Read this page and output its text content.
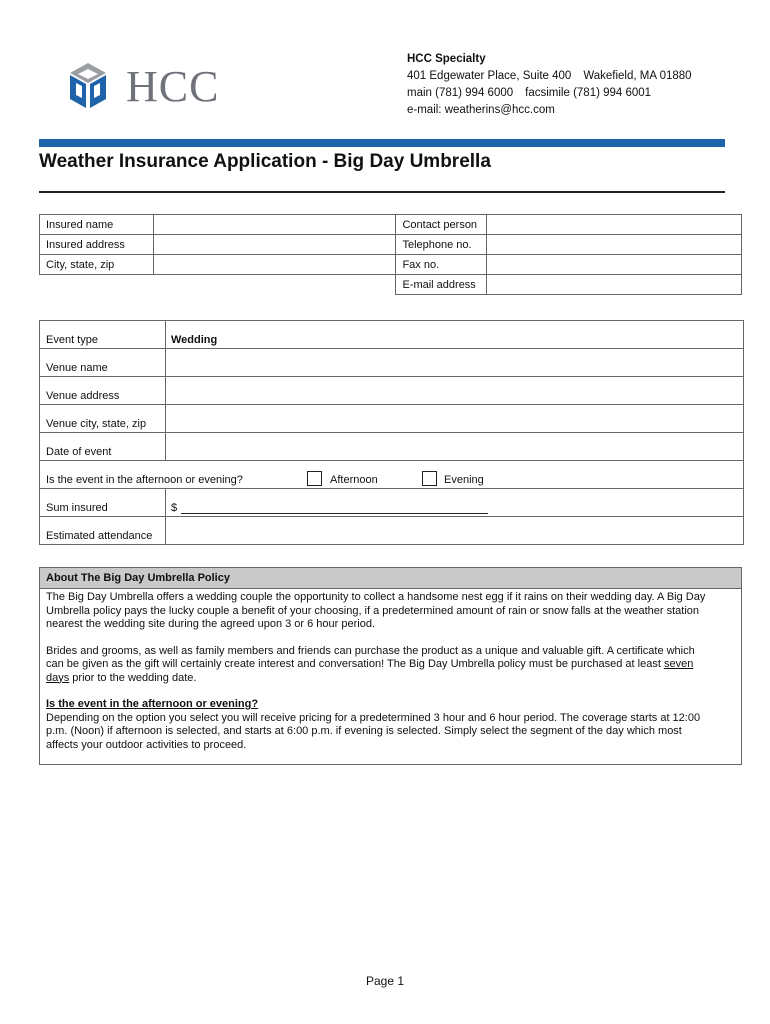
HCC
HCC Specialty
401 Edgewater Place, Suite 400 Wakefield, MA 01880
main (781) 994 6000 facsimile (781) 994 6001
e-mail: weatherins@hcc.com
Weather Insurance Application - Big Day Umbrella
Insured name		Contact person	
Insured address		Telephone no.	
City, state, zip		Fax no.	
		E-mail address	
Event type	Wedding
Venue name
Venue address
Venue city, state, zip
Date of event
Is the event in the afternoon or evening?	Afternoon	Evening
Sum insured	$
Estimated attendance
About The Big Day Umbrella Policy

The Big Day Umbrella offers a wedding couple the opportunity to collect a handsome nest egg if it rains on their wedding day. A Big Day
Umbrella policy pays the lucky couple a benefit of your choosing, if a predetermined amount of rain or snow falls at the weather station
nearest the wedding site during the agreed upon 3 or 6 hour period.

Brides and grooms, as well as family members and friends can purchase the product as a unique and valuable gift. A certificate which
can be given as the gift will certainly create interest and conversation! The Big Day Umbrella policy must be purchased at least seven
days prior to the wedding date.

Is the event in the afternoon or evening?
Depending on the option you select you will receive pricing for a predetermined 3 hour and 6 hour period. The coverage starts at 12:00
p.m. (Noon) if afternoon is selected, and starts at 6:00 p.m. if evening is selected. Simply select the segment of the day which most
affects your outdoor activities to proceed.
Page 1
